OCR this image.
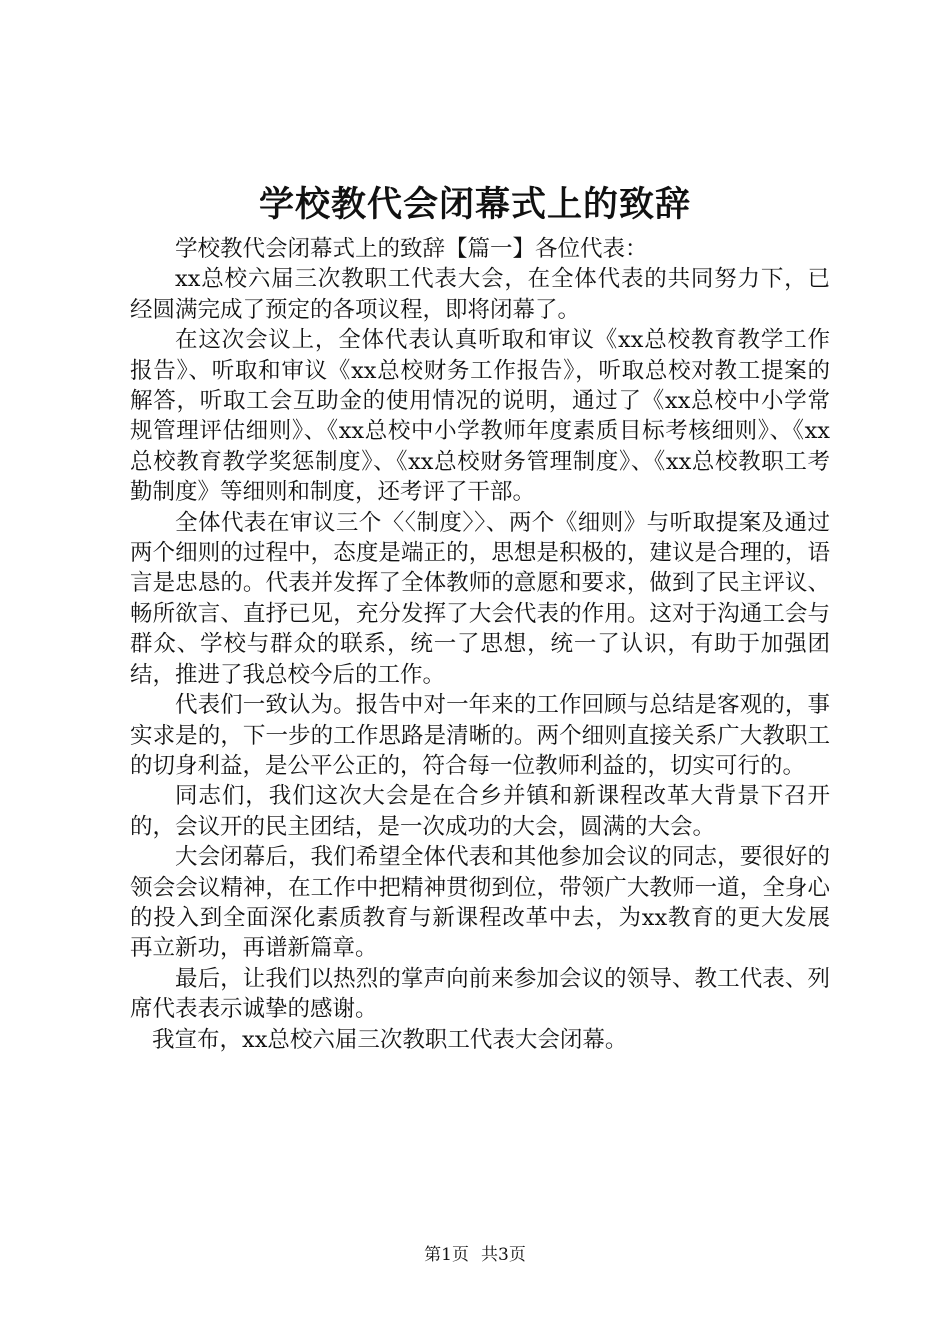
学校教代会闭幕式上的致辞

学校教代会闭幕式上的致辞【篇一】各位代表：

xx总校六届三次教职工代表大会，在全体代表的共同努力下，已经圆满完成了预定的各项议程，即将闭幕了。

在这次会议上，全体代表认真听取和审议《xx总校教育教学工作报告》、听取和审议《xx总校财务工作报告》，听取总校对教工提案的解答，听取工会互助金的使用情况的说明，通过了《xx总校中小学常规管理评估细则》、《xx总校中小学教师年度素质目标考核细则》、《xx总校教育教学奖惩制度》、《xx总校财务管理制度》、《xx总校教职工考勤制度》等细则和制度，还考评了干部。

全体代表在审议三个〈〈制度〉〉、两个《细则》与听取提案及通过两个细则的过程中，态度是端正的，思想是积极的，建议是合理的，语言是忠恳的。代表并发挥了全体教师的意愿和要求，做到了民主评议、畅所欲言、直抒已见，充分发挥了大会代表的作用。这对于沟通工会与群众、学校与群众的联系，统一了思想，统一了认识，有助于加强团结，推进了我总校今后的工作。

代表们一致认为。报告中对一年来的工作回顾与总结是客观的，事实求是的，下一步的工作思路是清晰的。两个细则直接关系广大教职工的切身利益，是公平公正的，符合每一位教师利益的，切实可行的。

同志们，我们这次大会是在合乡并镇和新课程改革大背景下召开的，会议开的民主团结，是一次成功的大会，圆满的大会。

大会闭幕后，我们希望全体代表和其他参加会议的同志，要很好的领会会议精神，在工作中把精神贯彻到位，带领广大教师一道，全身心的投入到全面深化素质教育与新课程改革中去，为xx教育的更大发展再立新功，再谱新篇章。

最后，让我们以热烈的掌声向前来参加会议的领导、教工代表、列席代表表示诚挚的感谢。

我宣布，xx总校六届三次教职工代表大会闭幕。

第1页 共3页
